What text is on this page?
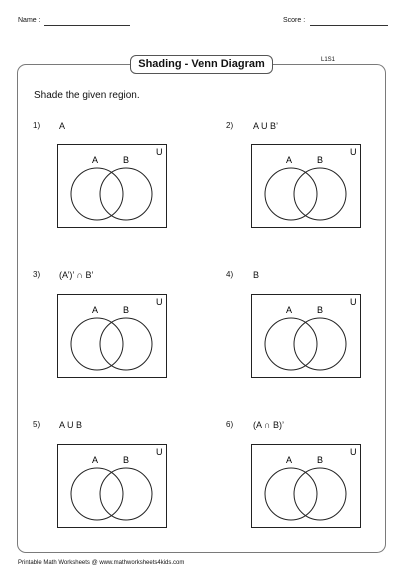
Name :	Score :
Shading - Venn Diagram	L1S1
Shade the given region.
1) A
A	B
U
2) A U B’
A	B
U
3) (A’)’ ∩ B’
A	B
U
4) B
A	B
U
5) A U B
A	B
U
6) (A ∩ B)’
A	B
U
Printable Math Worksheets @ www.mathworksheets4kids.com
